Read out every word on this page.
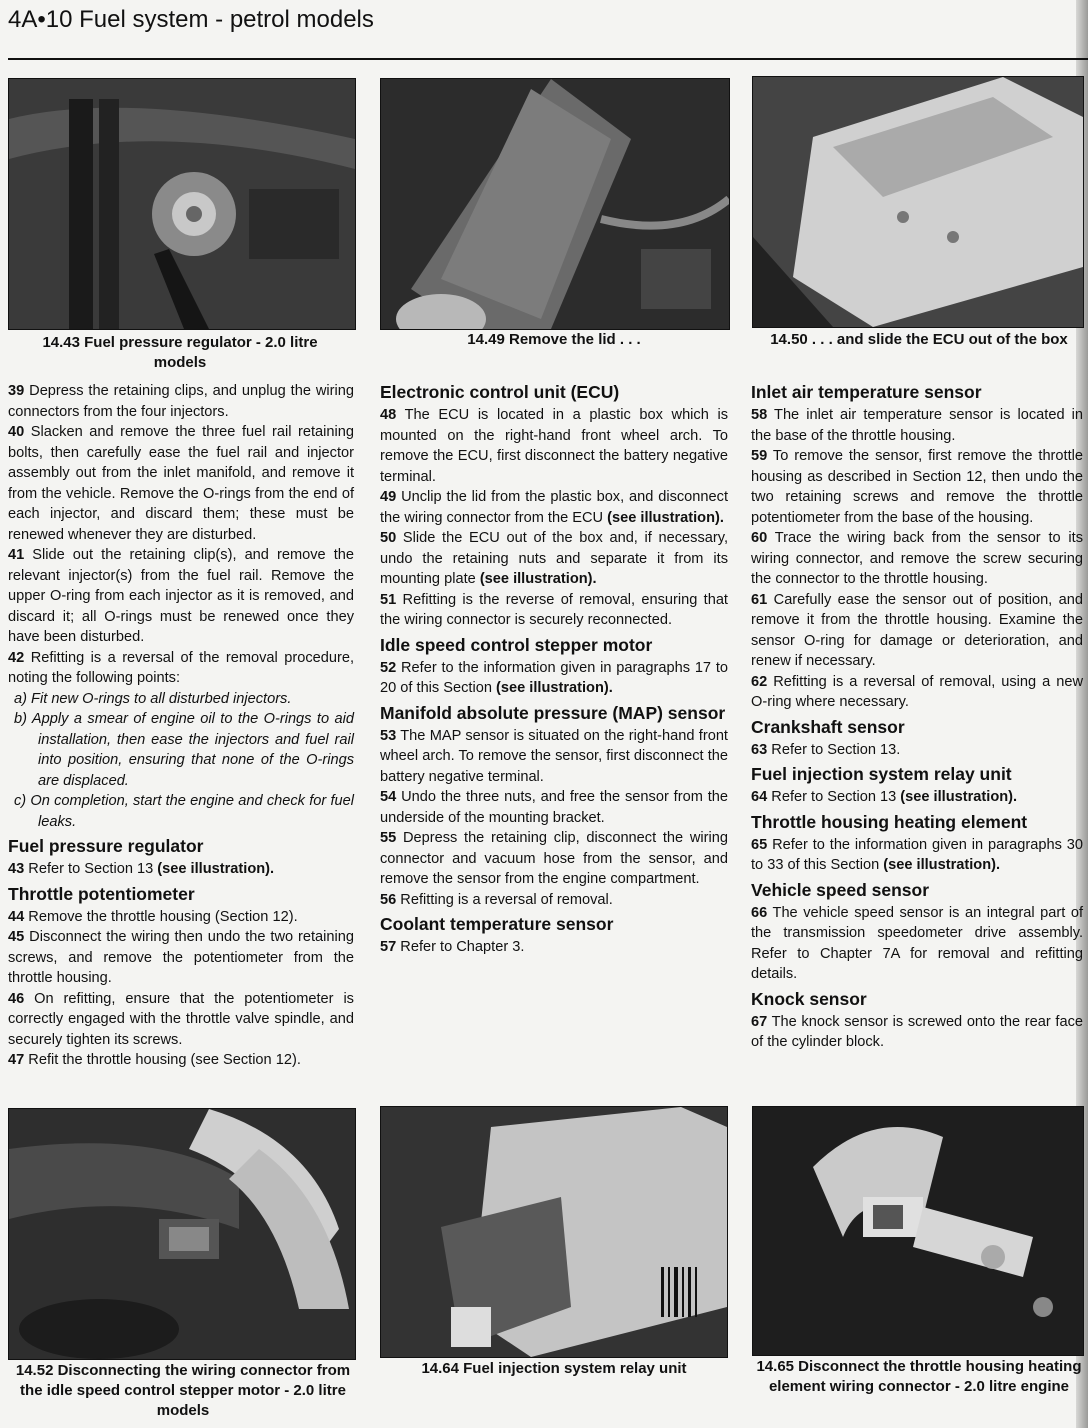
4A•10 Fuel system - petrol models
14.43 Fuel pressure regulator - 2.0 litre models
14.49 Remove the lid . . .	14.50 . . . and slide the ECU out of the box

39 Depress the retaining clips, and unplug the wiring connectors from the four injectors.

40 Slacken and remove the three fuel rail retaining bolts, then carefully ease the fuel rail and injector assembly out from the inlet manifold, and remove it from the vehicle. Remove the O-rings from the end of each injector, and discard them; these must be renewed whenever they are disturbed.

41 Slide out the retaining clip(s), and remove the relevant injector(s) from the fuel rail. Remove the upper O-ring from each injector as it is removed, and discard it; all O-rings must be renewed once they have been disturbed.

42 Refitting is a reversal of the removal procedure, noting the following points:

a) Fit new O-rings to all disturbed injectors.

b) Apply a smear of engine oil to the O-rings to aid installation, then ease the injectors and fuel rail into position, ensuring that none of the O-rings are displaced.

c) On completion, start the engine and check for fuel leaks.

Fuel pressure regulator

43 Refer to Section 13 (see illustration).

Throttle potentiometer

44 Remove the throttle housing (Section 12).

45 Disconnect the wiring then undo the two retaining screws, and remove the potentiometer from the throttle housing.

46 On refitting, ensure that the potentiometer is correctly engaged with the throttle valve spindle, and securely tighten its screws.

47 Refit the throttle housing (see Section 12).

Electronic control unit (ECU)

48 The ECU is located in a plastic box which is mounted on the right-hand front wheel arch. To remove the ECU, first disconnect the battery negative terminal.

49 Unclip the lid from the plastic box, and disconnect the wiring connector from the ECU (see illustration).

50 Slide the ECU out of the box and, if necessary, undo the retaining nuts and separate it from its mounting plate (see illustration).

51 Refitting is the reverse of removal, ensuring that the wiring connector is securely reconnected.

Idle speed control stepper motor

52 Refer to the information given in paragraphs 17 to 20 of this Section (see illustration).

Manifold absolute pressure (MAP) sensor

53 The MAP sensor is situated on the right-hand front wheel arch. To remove the sensor, first disconnect the battery negative terminal.

54 Undo the three nuts, and free the sensor from the underside of the mounting bracket.

55 Depress the retaining clip, disconnect the wiring connector and vacuum hose from the sensor, and remove the sensor from the engine compartment.

56 Refitting is a reversal of removal.

Coolant temperature sensor

57 Refer to Chapter 3.

Inlet air temperature sensor

58 The inlet air temperature sensor is located in the base of the throttle housing.

59 To remove the sensor, first remove the throttle housing as described in Section 12, then undo the two retaining screws and remove the throttle potentiometer from the base of the housing.

60 Trace the wiring back from the sensor to its wiring connector, and remove the screw securing the connector to the throttle housing.

61 Carefully ease the sensor out of position, and remove it from the throttle housing. Examine the sensor O-ring for damage or deterioration, and renew if necessary.

62 Refitting is a reversal of removal, using a new O-ring where necessary.

Crankshaft sensor

63 Refer to Section 13.

Fuel injection system relay unit

64 Refer to Section 13 (see illustration).

Throttle housing heating element

65 Refer to the information given in paragraphs 30 to 33 of this Section (see illustration).

Vehicle speed sensor

66 The vehicle speed sensor is an integral part of the transmission speedometer drive assembly. Refer to Chapter 7A for removal and refitting details.

Knock sensor

67 The knock sensor is screwed onto the rear face of the cylinder block.

14.52 Disconnecting the wiring connector from the idle speed control stepper motor - 2.0 litre models
14.64 Fuel injection system relay unit	14.65 Disconnect the throttle housing heating element wiring connector - 2.0 litre engine
